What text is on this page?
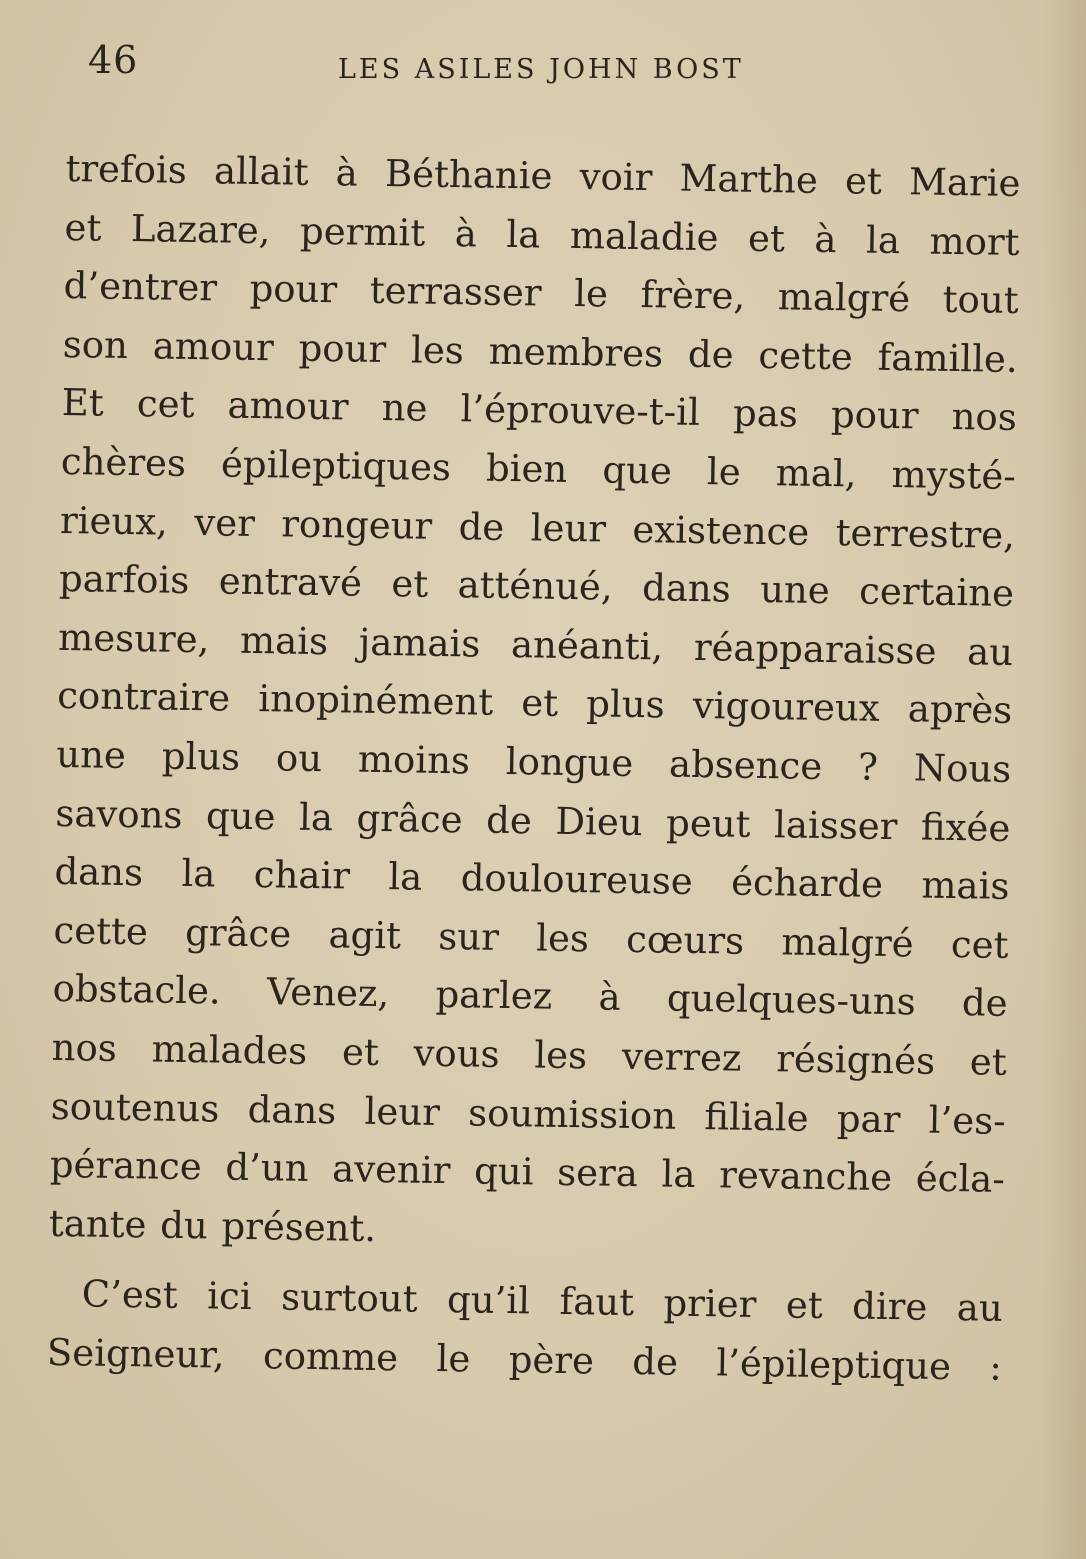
46	LES ASILES JOHN BOST
trefois allait à Béthanie voir Marthe et Marie
et Lazare, permit à la maladie et à la mort
d’entrer pour terrasser le frère, malgré tout
son amour pour les membres de cette famille.
Et cet amour ne l’éprouve-t-il pas pour nos
chères épileptiques bien que le mal, mysté-
rieux, ver rongeur de leur existence terrestre,
parfois entravé et atténué, dans une certaine
mesure, mais jamais anéanti, réapparaisse au
contraire inopinément et plus vigoureux après
une plus ou moins longue absence ? Nous
savons que la grâce de Dieu peut laisser fixée
dans la chair la douloureuse écharde mais
cette grâce agit sur les cœurs malgré cet
obstacle. Venez, parlez à quelques-uns de
nos malades et vous les verrez résignés et
soutenus dans leur soumission filiale par l’es-
pérance d’un avenir qui sera la revanche écla-
tante du présent.
C’est ici surtout qu’il faut prier et dire au
Seigneur, comme le père de l’épileptique :
